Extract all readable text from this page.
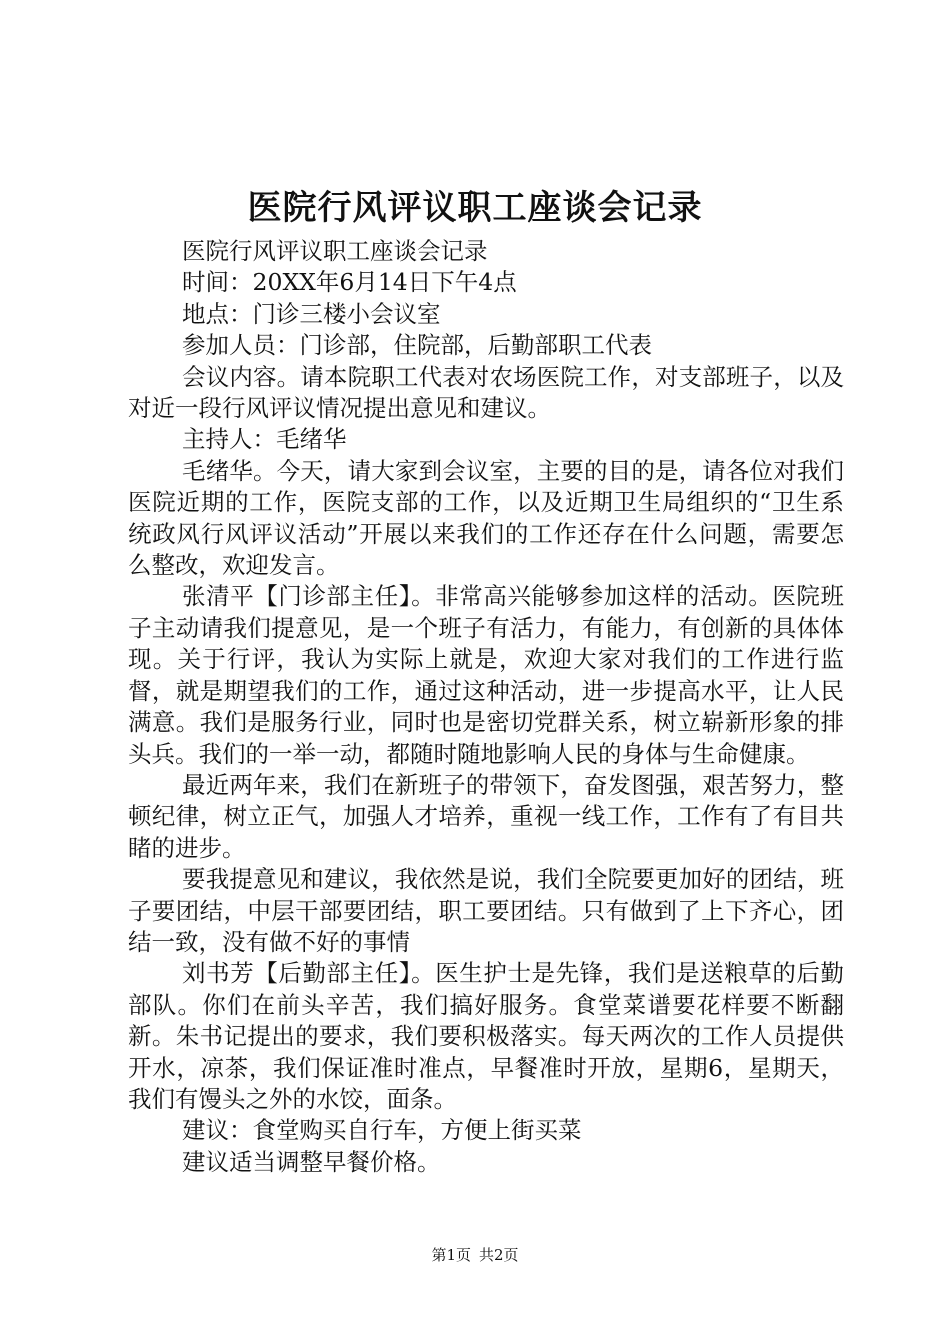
医院行风评议职工座谈会记录

医院行风评议职工座谈会记录

时间：20XX年6月14日下午4点

地点：门诊三楼小会议室

参加人员：门诊部，住院部，后勤部职工代表

会议内容。请本院职工代表对农场医院工作，对支部班子，以及对近一段行风评议情况提出意见和建议。

主持人：毛绪华

毛绪华。今天，请大家到会议室，主要的目的是，请各位对我们医院近期的工作，医院支部的工作，以及近期卫生局组织的“卫生系统政风行风评议活动”开展以来我们的工作还存在什么问题，需要怎么整改，欢迎发言。

张清平【门诊部主任】。非常高兴能够参加这样的活动。医院班子主动请我们提意见，是一个班子有活力，有能力，有创新的具体体现。关于行评，我认为实际上就是，欢迎大家对我们的工作进行监督，就是期望我们的工作，通过这种活动，进一步提高水平，让人民满意。我们是服务行业，同时也是密切党群关系，树立崭新形象的排头兵。我们的一举一动，都随时随地影响人民的身体与生命健康。

最近两年来，我们在新班子的带领下，奋发图强，艰苦努力，整顿纪律，树立正气，加强人才培养，重视一线工作，工作有了有目共睹的进步。

要我提意见和建议，我依然是说，我们全院要更加好的团结，班子要团结，中层干部要团结，职工要团结。只有做到了上下齐心，团结一致，没有做不好的事情

刘书芳【后勤部主任】。医生护士是先锋，我们是送粮草的后勤部队。你们在前头辛苦，我们搞好服务。食堂菜谱要花样要不断翻新。朱书记提出的要求，我们要积极落实。每天两次的工作人员提供开水，凉茶，我们保证准时准点，早餐准时开放，星期6，星期天，我们有馒头之外的水饺，面条。

建议：食堂购买自行车，方便上街买菜

建议适当调整早餐价格。

第1页 共2页
